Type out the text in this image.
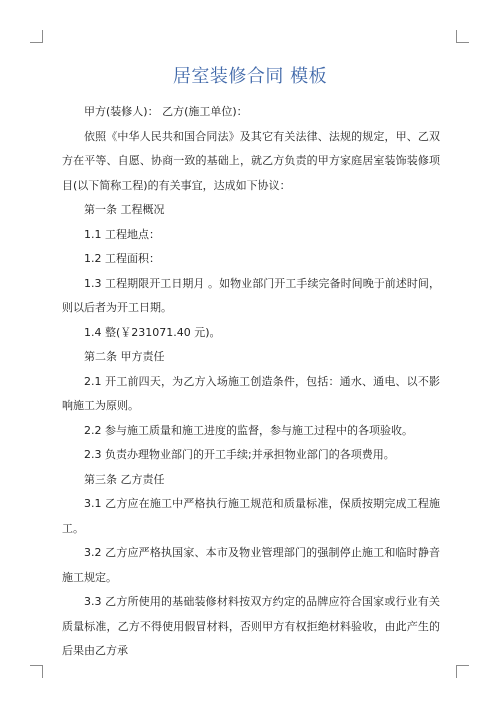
居室装修合同 模板

甲方(装修人)： 乙方(施工单位)：

依照《中华人民共和国合同法》及其它有关法律、法规的规定，甲、乙双方在平等、自愿、协商一致的基础上，就乙方负责的甲方家庭居室装饰装修项目(以下简称工程)的有关事宜，达成如下协议：

第一条 工程概况

1.1 工程地点：

1.2 工程面积：

1.3 工程期限开工日期月 。如物业部门开工手续完备时间晚于前述时间，则以后者为开工日期。

1.4 整(￥231071.40 元)。

第二条 甲方责任

2.1 开工前四天，为乙方入场施工创造条件，包括：通水、通电、以不影响施工为原则。

2.2 参与施工质量和施工进度的监督，参与施工过程中的各项验收。

2.3 负责办理物业部门的开工手续;并承担物业部门的各项费用。

第三条 乙方责任

3.1 乙方应在施工中严格执行施工规范和质量标准，保质按期完成工程施工。

3.2 乙方应严格执国家、本市及物业管理部门的强制停止施工和临时静音施工规定。

3.3 乙方所使用的基础装修材料按双方约定的品牌应符合国家或行业有关质量标准，乙方不得使用假冒材料，否则甲方有权拒绝材料验收，由此产生的后果由乙方承
